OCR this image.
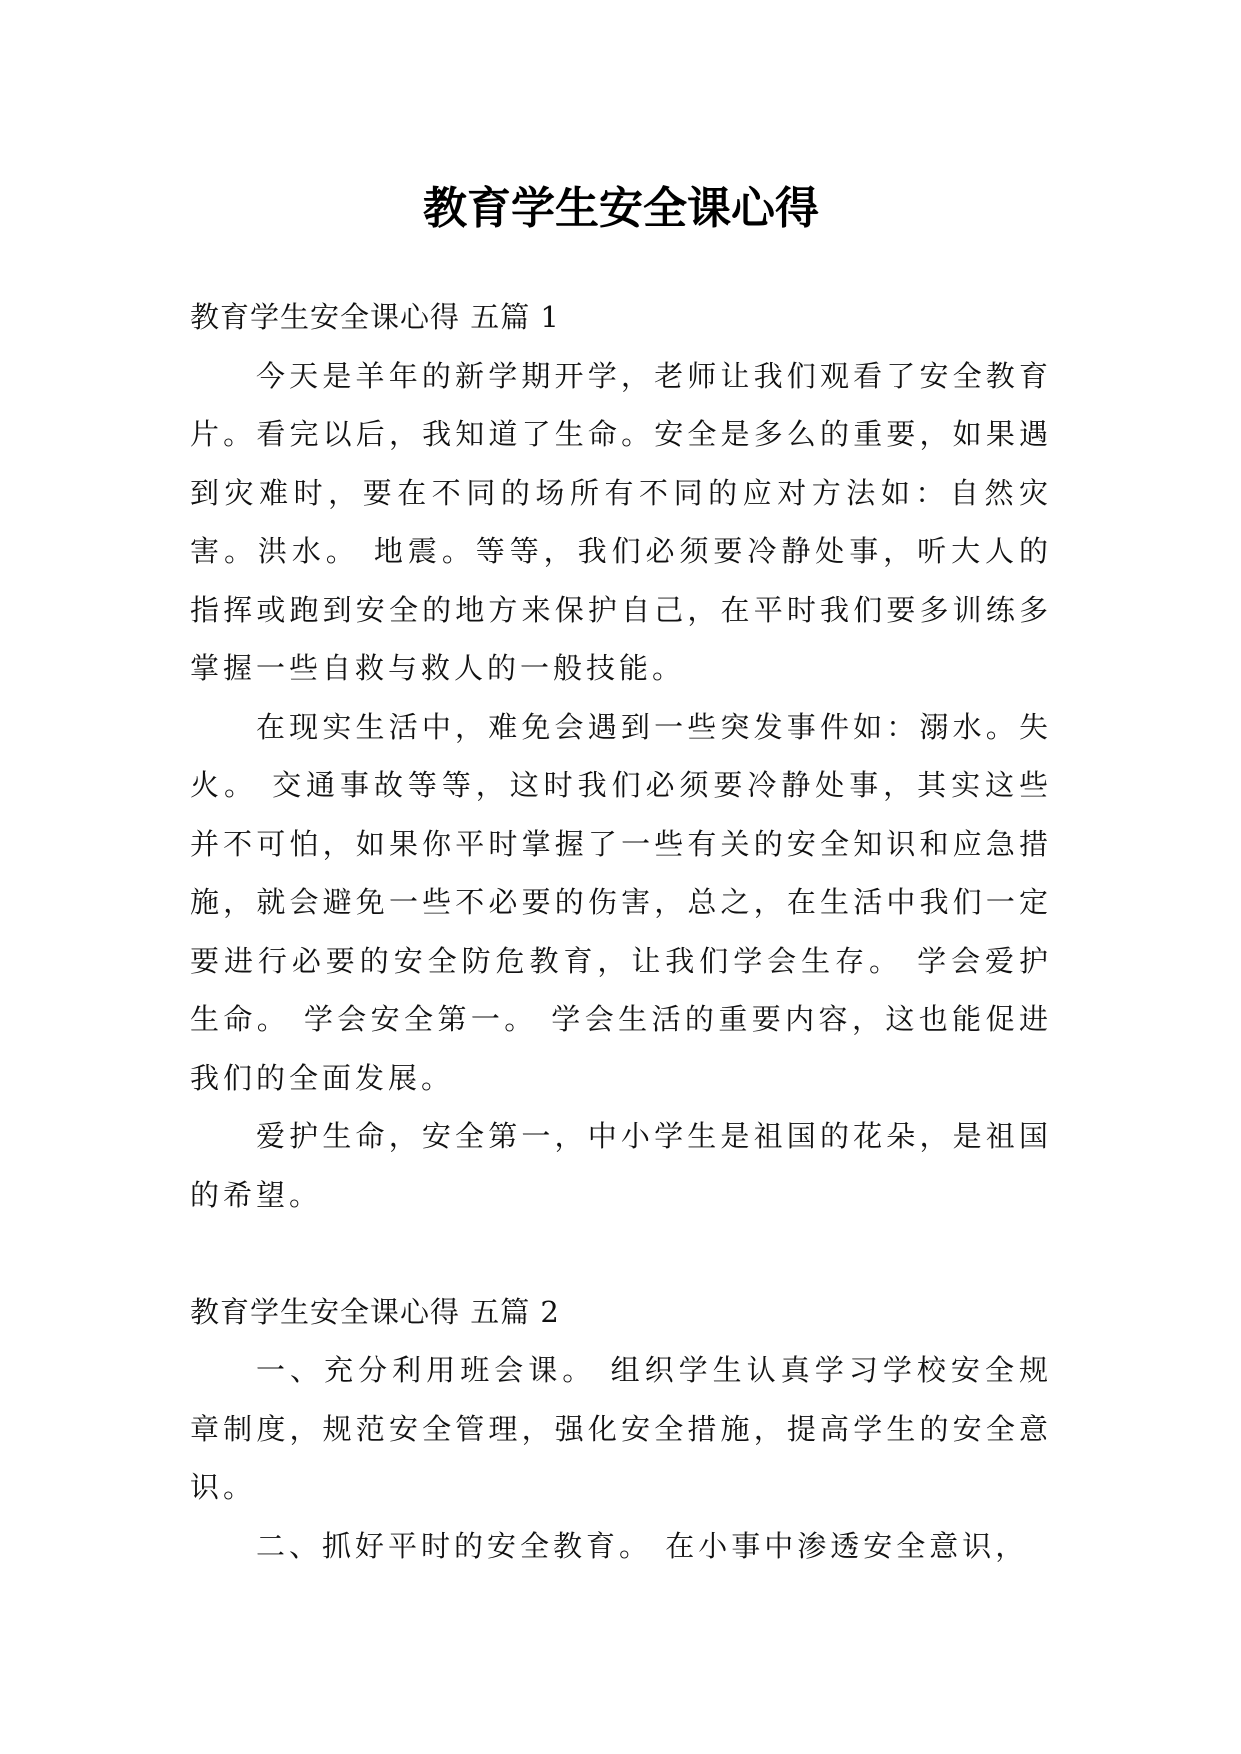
教育学生安全课心得
教育学生安全课心得 五篇 1

今天是羊年的新学期开学，老师让我们观看了安全教育片。看完以后，我知道了生命。安全是多么的重要，如果遇到灾难时，要在不同的场所有不同的应对方法如：自然灾害。洪水。 地震。等等，我们必须要冷静处事，听大人的指挥或跑到安全的地方来保护自己，在平时我们要多训练多掌握一些自救与救人的一般技能。

在现实生活中，难免会遇到一些突发事件如：溺水。失火。 交通事故等等，这时我们必须要冷静处事，其实这些并不可怕，如果你平时掌握了一些有关的安全知识和应急措施，就会避免一些不必要的伤害，总之，在生活中我们一定要进行必要的安全防危教育，让我们学会生存。 学会爱护生命。 学会安全第一。 学会生活的重要内容，这也能促进我们的全面发展。

爱护生命，安全第一，中小学生是祖国的花朵，是祖国的希望。

教育学生安全课心得 五篇 2

一、充分利用班会课。 组织学生认真学习学校安全规章制度，规范安全管理，强化安全措施，提高学生的安全意识。

二、抓好平时的安全教育。 在小事中渗透安全意识，
